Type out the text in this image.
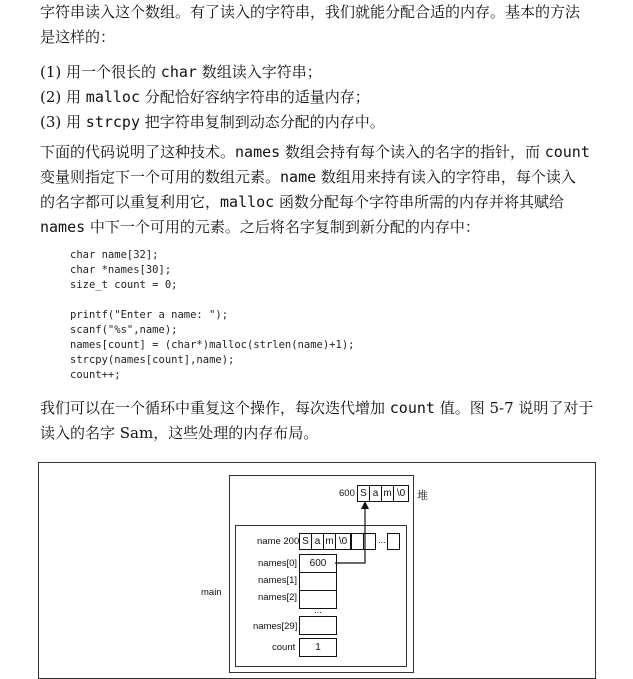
字符串读入这个数组。有了读入的字符串，我们就能分配合适的内存。基本的方法
是这样的：
(1) 用一个很长的 char 数组读入字符串；
(2) 用 malloc 分配恰好容纳字符串的适量内存；
(3) 用 strcpy 把字符串复制到动态分配的内存中。
下面的代码说明了这种技术。names 数组会持有每个读入的名字的指针，而 count
变量则指定下一个可用的数组元素。name 数组用来持有读入的字符串，每个读入
的名字都可以重复利用它，malloc 函数分配每个字符串所需的内存并将其赋给
names 中下一个可用的元素。之后将名字复制到新分配的内存中：
char name[32];
char *names[30];
size_t count = 0;
printf("Enter a name: ");
scanf("%s",name);
names[count] = (char*)malloc(strlen(name)+1);
strcpy(names[count],name);
count++;
我们可以在一个循环中重复这个操作，每次迭代增加 count 值。图 5-7 说明了对于
读入的名字 Sam，这些处理的内存布局。
600 S a m \0	堆
main
name 200 S a m \0	...
names[0]	600
names[1]
names[2]
...
names[29]
count	1
